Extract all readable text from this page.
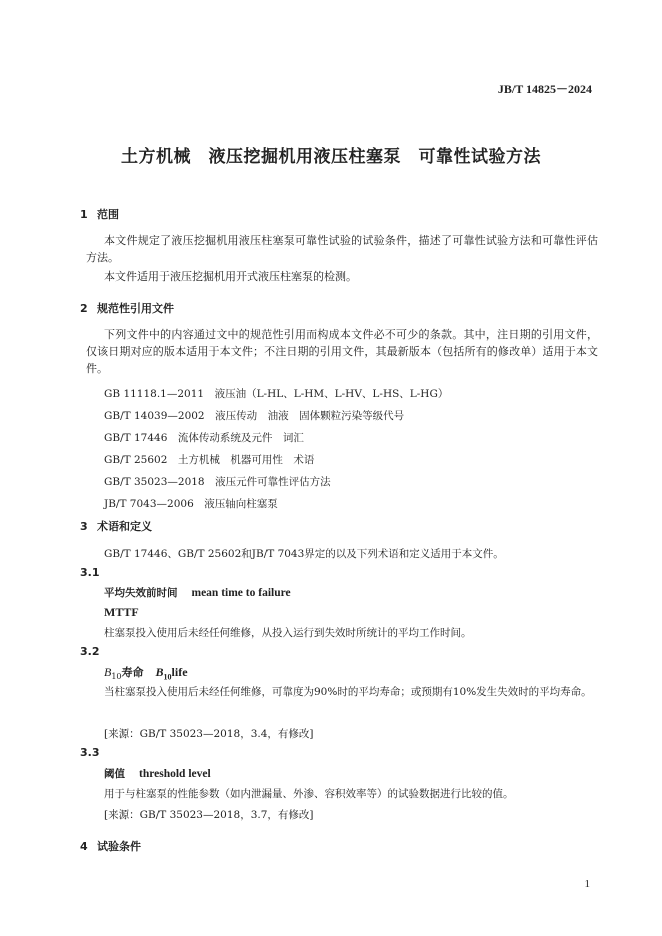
JB/T 14825－2024
土方机械　液压挖掘机用液压柱塞泵　可靠性试验方法
1 范围
本文件规定了液压挖掘机用液压柱塞泵可靠性试验的试验条件，描述了可靠性试验方法和可靠性评估方法。
本文件适用于液压挖掘机用开式液压柱塞泵的检测。
2 规范性引用文件
下列文件中的内容通过文中的规范性引用而构成本文件必不可少的条款。其中，注日期的引用文件，仅该日期对应的版本适用于本文件；不注日期的引用文件，其最新版本（包括所有的修改单）适用于本文件。
GB 11118.1—2011　液压油（L-HL、L-HM、L-HV、L-HS、L-HG）
GB/T 14039—2002　液压传动　油液　固体颗粒污染等级代号
GB/T 17446　流体传动系统及元件　词汇
GB/T 25602　土方机械　机器可用性　术语
GB/T 35023—2018　液压元件可靠性评估方法
JB/T 7043—2006　液压轴向柱塞泵
3 术语和定义
GB/T 17446、GB/T 25602和JB/T 7043界定的以及下列术语和定义适用于本文件。
3.1
平均失效前时间 mean time to failure
MTTF
柱塞泵投入使用后未经任何维修，从投入运行到失效时所统计的平均工作时间。
3.2
$B_{10}$寿命 $B_{10}life$
当柱塞泵投入使用后未经任何维修，可靠度为90%时的平均寿命；或预期有10%发生失效时的平均寿命。
[来源：GB/T 35023—2018，3.4，有修改]
3.3
阈值 threshold level
用于与柱塞泵的性能参数（如内泄漏量、外渗、容积效率等）的试验数据进行比较的值。
[来源：GB/T 35023—2018，3.7，有修改]
4 试验条件
1
